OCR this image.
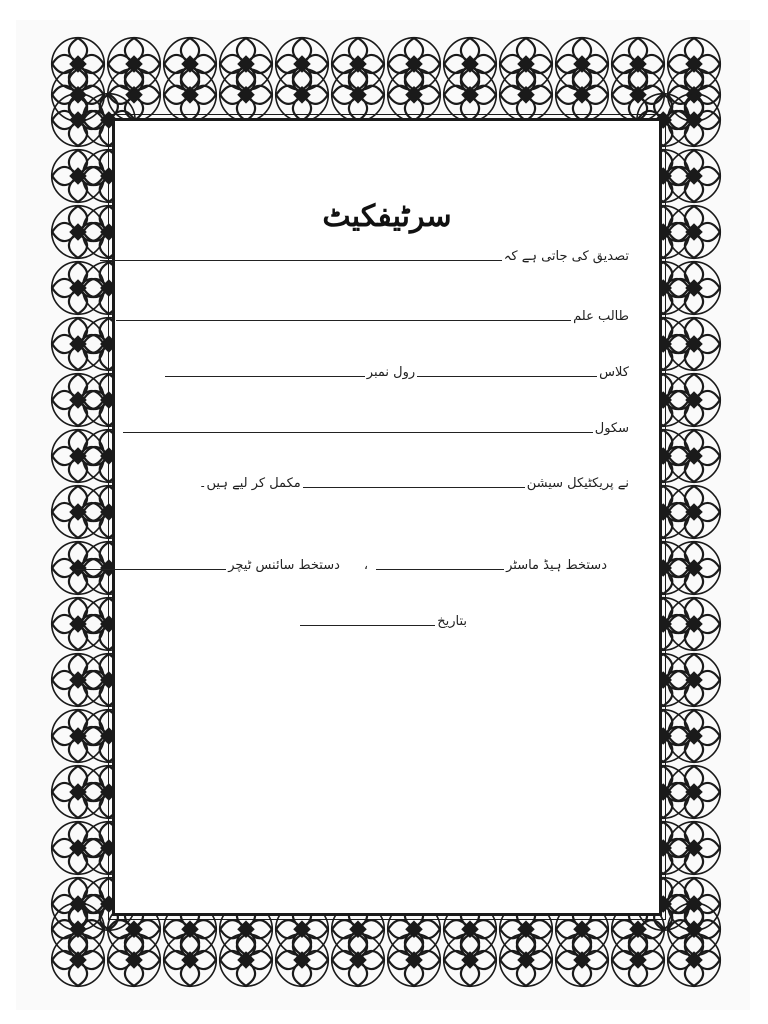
سرٹیفکیٹ
تصدیق کی جاتی ہے کہ
طالب علم
کلاس
رول نمبر
سکول
نے پریکٹیکل سیشن
مکمل کر لیے ہیں۔
دستخط ہیڈ ماسٹر
،
دستخط سائنس ٹیچر
بتاریخ
